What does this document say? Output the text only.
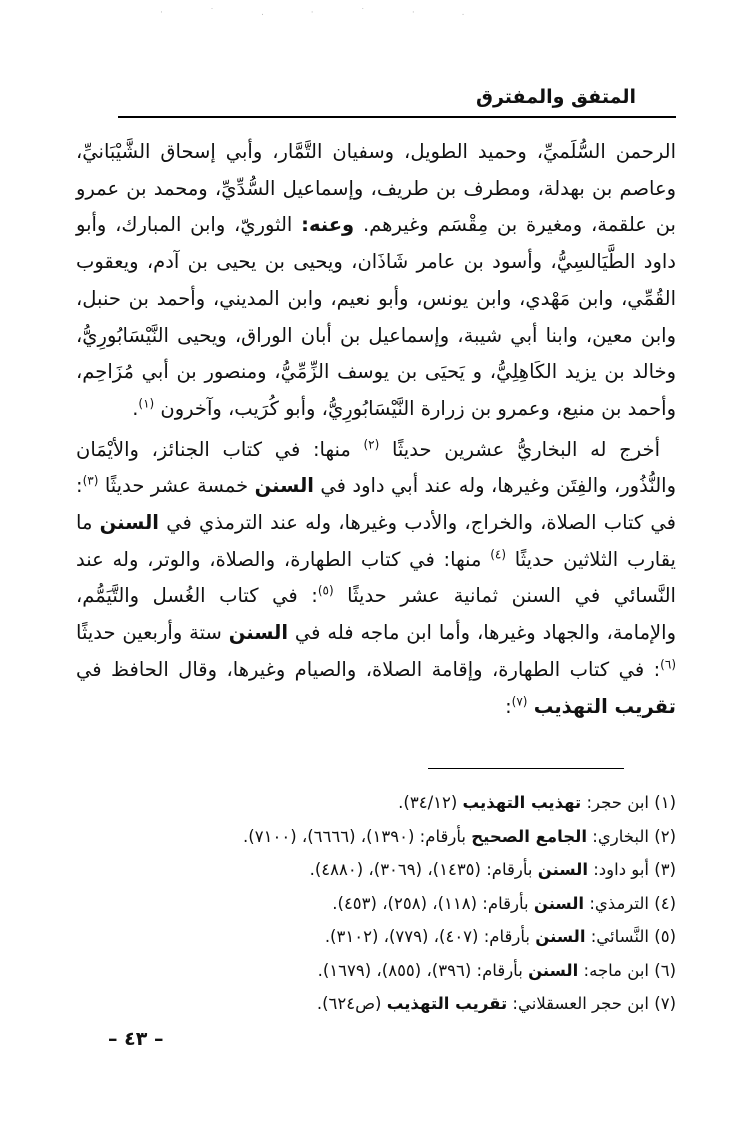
· ˙ . · ˙ · .
المتفق والمفترق

الرحمن السُّلَميِّ، وحميد الطويل، وسفيان التَّمَّار، وأبي إسحاق الشَّيْبَانيِّ، وعاصم بن بهدلة، ومطرف بن طريف، وإسماعيل السُّدِّيِّ، ومحمد بن عمرو بن علقمة، ومغيرة بن مِقْسَم وغيرهم. وعنه: الثوريّ، وابن المبارك، وأبو داود الطَّيَالسِيُّ، وأسود بن عامر شَاذَان، ويحيى بن يحيى بن آدم، ويعقوب القُمِّي، وابن مَهْدي، وابن يونس، وأبو نعيم، وابن المديني، وأحمد بن حنبل، وابن معين، وابنا أبي شيبة، وإسماعيل بن أبان الوراق، ويحيى النَّيْسَابُورِيُّ، وخالد بن يزيد الكَاهِلِيُّ، و يَحيَى بن يوسف الزِّمِّيُّ، ومنصور بن أبي مُزَاحِم، وأحمد بن منيع، وعمرو بن زرارة النَّيْسَابُورِيُّ، وأبو كُرَيب، وآخرون $^{(١)}$.

أخرج له البخاريُّ عشرين حديثًا $^{(٢)}$ منها: في كتاب الجنائز، والأيْمَان والنُّذُور، والفِتَن وغيرها، وله عند أبي داود في السنن خمسة عشر حديثًا $^{(٣)}$: في كتاب الصلاة، والخراج، والأدب وغيرها، وله عند الترمذي في السنن ما يقارب الثلاثين حديثًا $^{(٤)}$ منها: في كتاب الطهارة، والصلاة، والوتر، وله عند النَّسائي في السنن ثمانية عشر حديثًا $^{(٥)}$: في كتاب الغُسل والتَّيَمُّم، والإمامة، والجهاد وغيرها، وأما ابن ماجه فله في السنن ستة وأربعين حديثًا $^{(٦)}$: في كتاب الطهارة، وإقامة الصلاة، والصيام وغيرها، وقال الحافظ في تقريب التهذيب $^{(٧)}$:

(١) ابن حجر: تهذيب التهذيب (٣٤/١٢).
(٢) البخاري: الجامع الصحيح بأرقام: (١٣٩٠)، (٦٦٦٦)، (٧١٠٠).
(٣) أبو داود: السنن بأرقام: (١٤٣٥)، (٣٠٦٩)، (٤٨٨٠).
(٤) الترمذي: السنن بأرقام: (١١٨)، (٢٥٨)، (٤٥٣).
(٥) النَّسائي: السنن بأرقام: (٤٠٧)، (٧٧٩)، (٣١٠٢).
(٦) ابن ماجه: السنن بأرقام: (٣٩٦)، (٨٥٥)، (١٦٧٩).
(٧) ابن حجر العسقلاني: تقريب التهذيب (ص٦٢٤).
– ٤٣ –
